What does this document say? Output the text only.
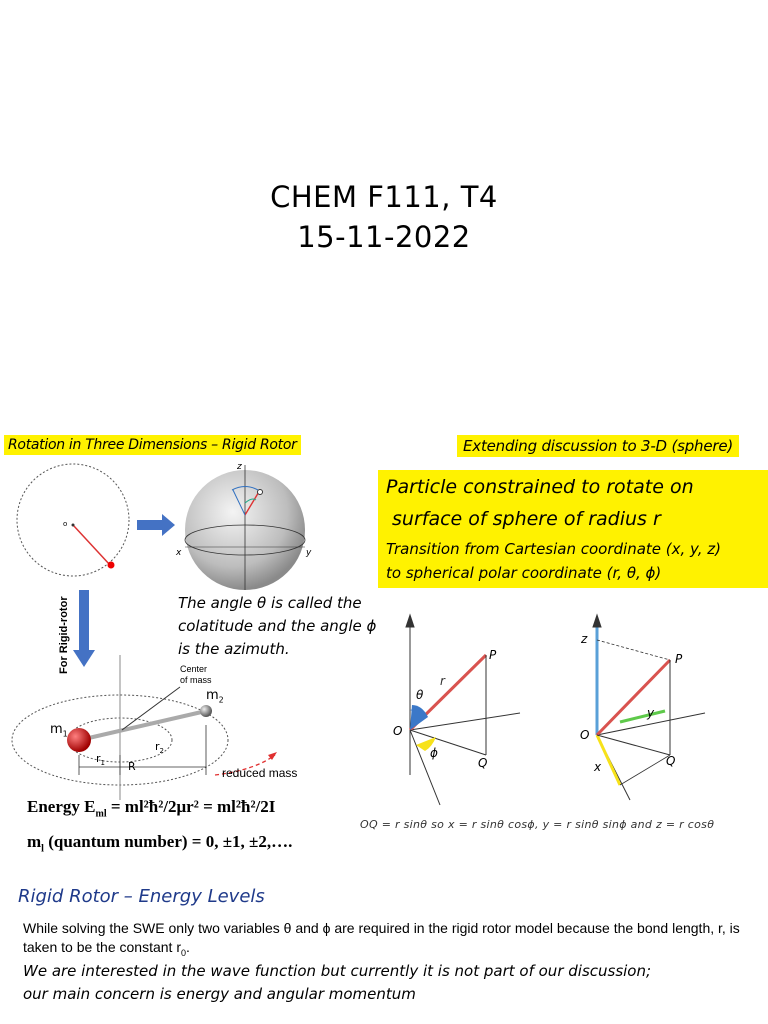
CHEM F111, T4
15-11-2022
Rotation in Three Dimensions – Rigid Rotor	Extending discussion to 3-D (sphere)
Particle constrained to rotate on
surface of sphere of radius r
Transition from Cartesian coordinate (x, y, z)
to spherical polar coordinate (r, θ, ϕ)
o
z
x	y
For Rigid-rotor	The angle θ is called the
colatitude and the angle ϕ
is the azimuth.
Center
of mass
$m_2$
$m_1$
$r_1$
$r_2$
R	reduced mass
Energy $E_{ml}$ = ml²ħ²/2μr² = ml²ħ²/2I
$m_l$ (quantum number) = 0, ±1, ±2,….
O
P
Q
r
θ
ϕ
z
O
P
Q
x
y
OQ = r sinθ so x = r sinθ cosϕ, y = r sinθ sinϕ and z = r cosθ
Rigid Rotor – Energy Levels
While solving the SWE only two variables θ and ϕ are required in the rigid rotor model because the bond length, r, is taken to be the constant $r_0$.
We are interested in the wave function but currently it is not part of our discussion;
our main concern is energy and angular momentum
